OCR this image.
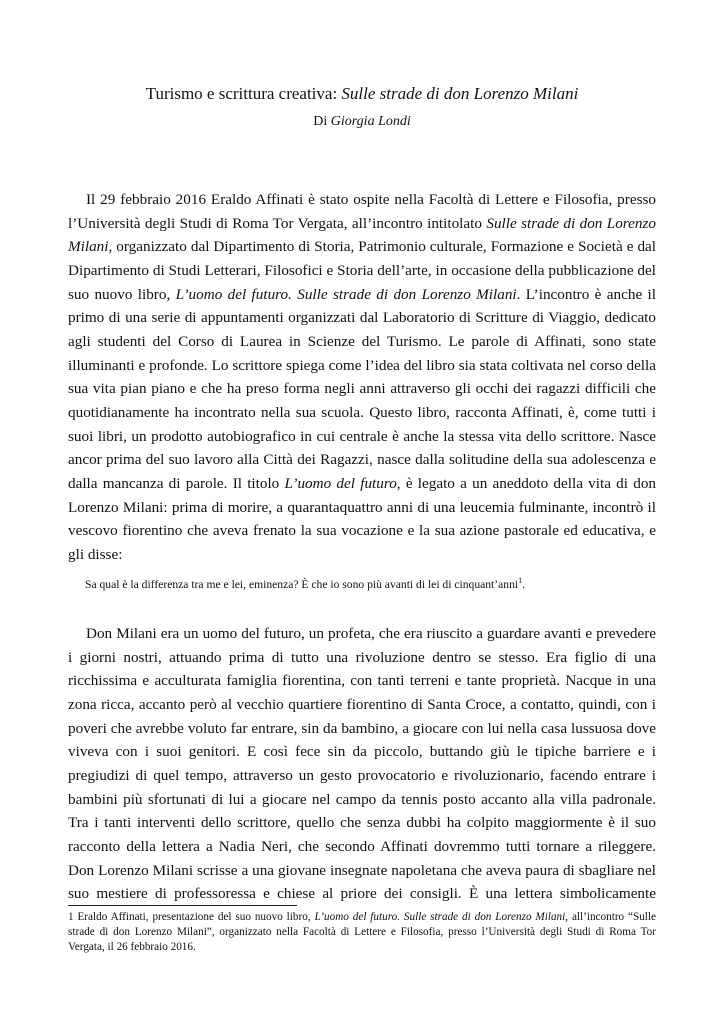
Turismo e scrittura creativa: Sulle strade di don Lorenzo Milani

Di Giorgia Londi

Il 29 febbraio 2016 Eraldo Affinati è stato ospite nella Facoltà di Lettere e Filosofia, presso l’Università degli Studi di Roma Tor Vergata, all’incontro intitolato Sulle strade di don Lorenzo Milani, organizzato dal Dipartimento di Storia, Patrimonio culturale, Formazione e Società e dal Dipartimento di Studi Letterari, Filosofici e Storia dell’arte, in occasione della pubblicazione del suo nuovo libro, L’uomo del futuro. Sulle strade di don Lorenzo Milani. L’incontro è anche il primo di una serie di appuntamenti organizzati dal Laboratorio di Scritture di Viaggio, dedicato agli studenti del Corso di Laurea in Scienze del Turismo. Le parole di Affinati, sono state illuminanti e profonde. Lo scrittore spiega come l’idea del libro sia stata coltivata nel corso della sua vita pian piano e che ha preso forma negli anni attraverso gli occhi dei ragazzi difficili che quotidianamente ha incontrato nella sua scuola. Questo libro, racconta Affinati, è, come tutti i suoi libri, un prodotto autobiografico in cui centrale è anche la stessa vita dello scrittore. Nasce ancor prima del suo lavoro alla Città dei Ragazzi, nasce dalla solitudine della sua adolescenza e dalla mancanza di parole. Il titolo L’uomo del futuro, è legato a un aneddoto della vita di don Lorenzo Milani: prima di morire, a quarantaquattro anni di una leucemia fulminante, incontrò il vescovo fiorentino che aveva frenato la sua vocazione e la sua azione pastorale ed educativa, e gli disse:

Sa qual è la differenza tra me e lei, eminenza? È che io sono più avanti di lei di cinquant’anni$^1$.

Don Milani era un uomo del futuro, un profeta, che era riuscito a guardare avanti e prevedere i giorni nostri, attuando prima di tutto una rivoluzione dentro se stesso. Era figlio di una ricchissima e acculturata famiglia fiorentina, con tanti terreni e tante proprietà. Nacque in una zona ricca, accanto però al vecchio quartiere fiorentino di Santa Croce, a contatto, quindi, con i poveri che avrebbe voluto far entrare, sin da bambino, a giocare con lui nella casa lussuosa dove viveva con i suoi genitori. E così fece sin da piccolo, buttando giù le tipiche barriere e i pregiudizi di quel tempo, attraverso un gesto provocatorio e rivoluzionario, facendo entrare i bambini più sfortunati di lui a giocare nel campo da tennis posto accanto alla villa padronale. Tra i tanti interventi dello scrittore, quello che senza dubbi ha colpito maggiormente è il suo racconto della lettera a Nadia Neri, che secondo Affinati dovremmo tutti tornare a rileggere. Don Lorenzo Milani scrisse a una giovane insegnate napoletana che aveva paura di sbagliare nel suo mestiere di professoressa e chiese al priore dei consigli. È una lettera simbolicamente

1 Eraldo Affinati, presentazione del suo nuovo libro, L’uomo del futuro. Sulle strade di don Lorenzo Milani, all’incontro “Sulle strade di don Lorenzo Milani”, organizzato nella Facoltà di Lettere e Filosofia, presso l’Università degli Studi di Roma Tor Vergata, il 26 febbraio 2016.
